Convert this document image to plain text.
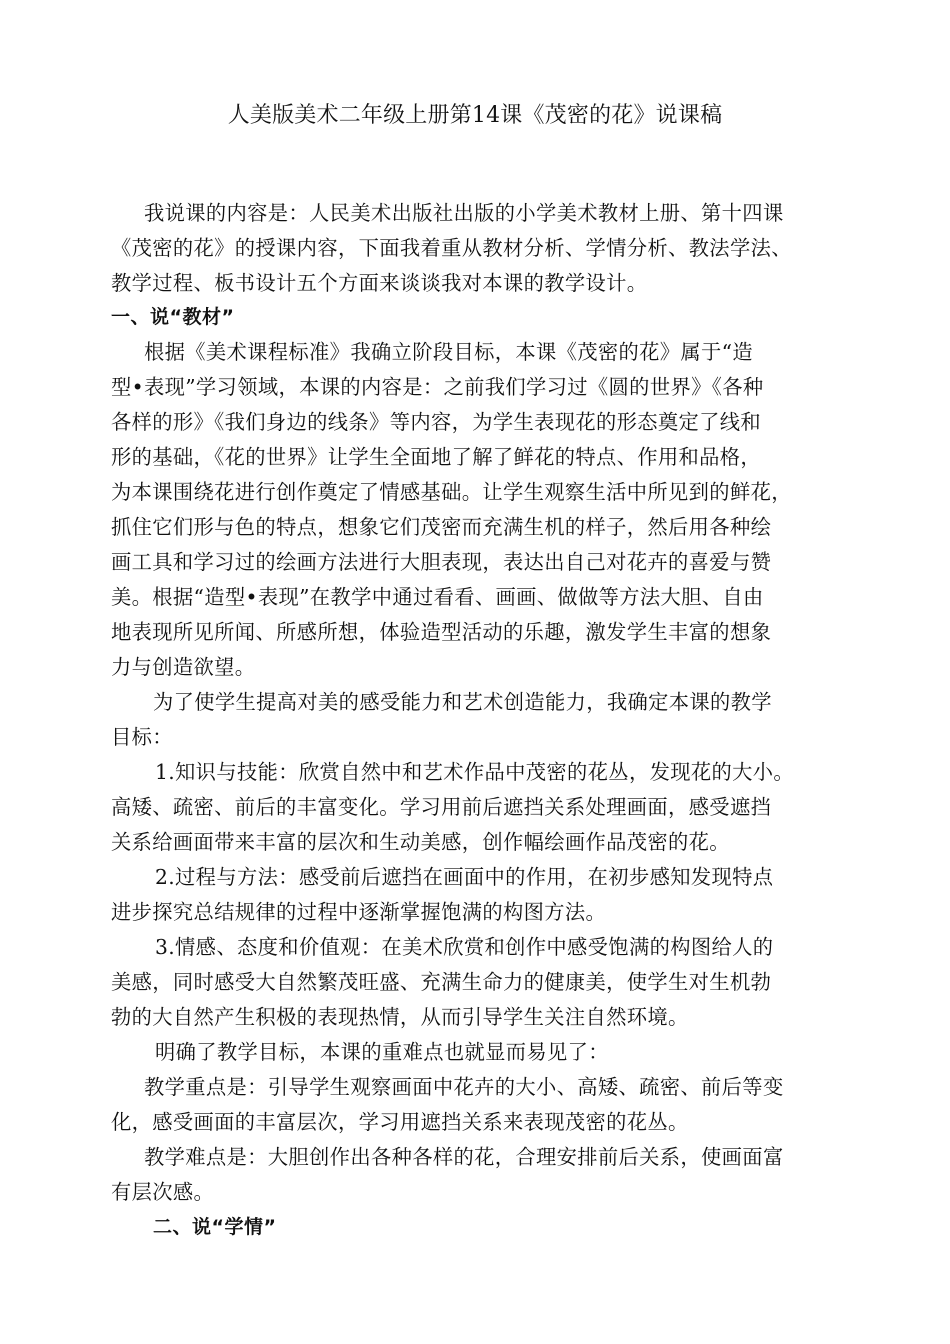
人美版美术二年级上册第14课《茂密的花》说课稿
我说课的内容是：人民美术出版社出版的小学美术教材上册、第十四课
《茂密的花》的授课内容，下面我着重从教材分析、学情分析、教法学法、
教学过程、板书设计五个方面来谈谈我对本课的教学设计。
一、说“教材”
根据《美术课程标准》我确立阶段目标，本课《茂密的花》属于“造
型•表现”学习领域，本课的内容是：之前我们学习过《圆的世界》《各种
各样的形》《我们身边的线条》等内容，为学生表现花的形态奠定了线和
形的基础，《花的世界》让学生全面地了解了鲜花的特点、作用和品格，
为本课围绕花进行创作奠定了情感基础。让学生观察生活中所见到的鲜花，
抓住它们形与色的特点，想象它们茂密而充满生机的样子，然后用各种绘
画工具和学习过的绘画方法进行大胆表现，表达出自己对花卉的喜爱与赞
美。根据“造型•表现”在教学中通过看看、画画、做做等方法大胆、自由
地表现所见所闻、所感所想，体验造型活动的乐趣，激发学生丰富的想象
力与创造欲望。
为了使学生提高对美的感受能力和艺术创造能力，我确定本课的教学
目标：
1.知识与技能：欣赏自然中和艺术作品中茂密的花丛，发现花的大小。
高矮、疏密、前后的丰富变化。学习用前后遮挡关系处理画面，感受遮挡
关系给画面带来丰富的层次和生动美感，创作幅绘画作品茂密的花。
2.过程与方法：感受前后遮挡在画面中的作用，在初步感知发现特点
进步探究总结规律的过程中逐渐掌握饱满的构图方法。
3.情感、态度和价值观：在美术欣赏和创作中感受饱满的构图给人的
美感，同时感受大自然繁茂旺盛、充满生命力的健康美，使学生对生机勃
勃的大自然产生积极的表现热情，从而引导学生关注自然环境。
明确了教学目标，本课的重难点也就显而易见了：
教学重点是：引导学生观察画面中花卉的大小、高矮、疏密、前后等变
化，感受画面的丰富层次，学习用遮挡关系来表现茂密的花丛。
教学难点是：大胆创作出各种各样的花，合理安排前后关系，使画面富
有层次感。
二、说“学情”
